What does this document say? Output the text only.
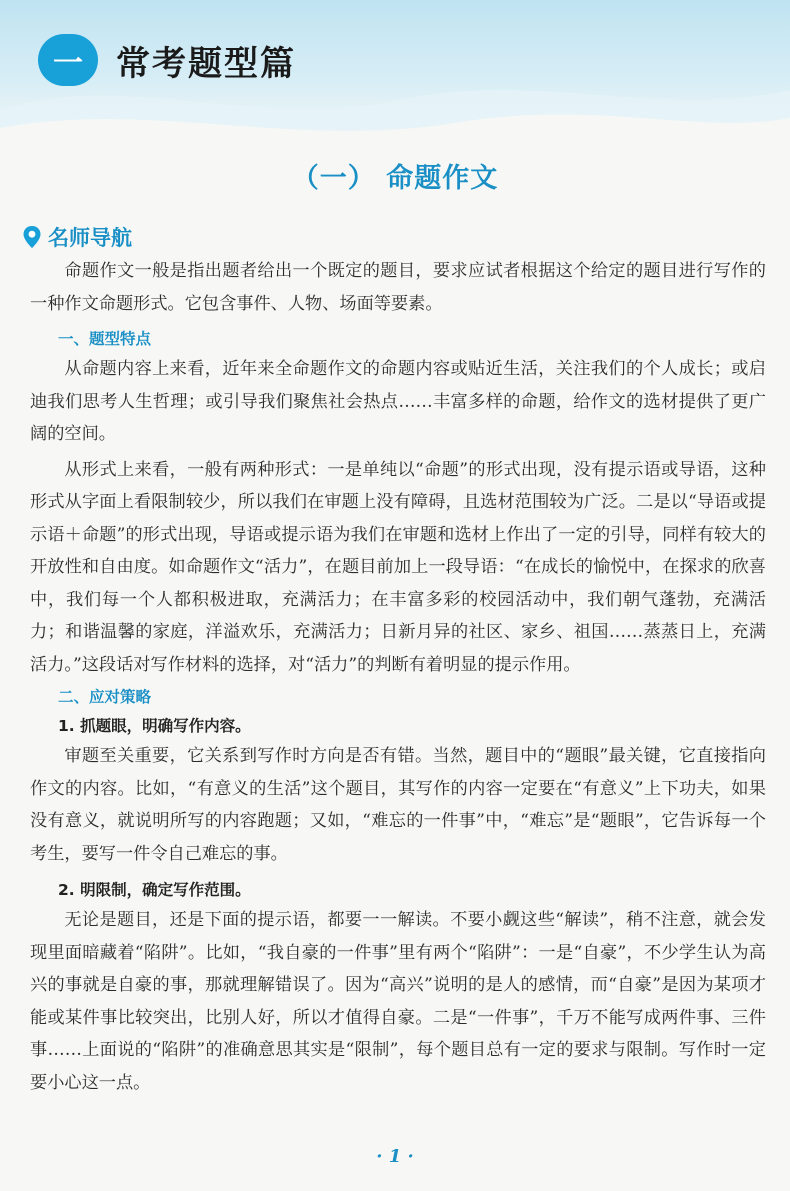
一 常考题型篇
（一） 命题作文
名师导航

命题作文一般是指出题者给出一个既定的题目，要求应试者根据这个给定的题目进行写作的一种作文命题形式。它包含事件、人物、场面等要素。

一、题型特点

从命题内容上来看，近年来全命题作文的命题内容或贴近生活，关注我们的个人成长；或启迪我们思考人生哲理；或引导我们聚焦社会热点……丰富多样的命题，给作文的选材提供了更广阔的空间。

从形式上来看，一般有两种形式：一是单纯以“命题”的形式出现，没有提示语或导语，这种形式从字面上看限制较少，所以我们在审题上没有障碍，且选材范围较为广泛。二是以“导语或提示语＋命题”的形式出现，导语或提示语为我们在审题和选材上作出了一定的引导，同样有较大的开放性和自由度。如命题作文“活力”，在题目前加上一段导语：“在成长的愉悦中，在探求的欣喜中，我们每一个人都积极进取，充满活力；在丰富多彩的校园活动中，我们朝气蓬勃，充满活力；和谐温馨的家庭，洋溢欢乐，充满活力；日新月异的社区、家乡、祖国……蒸蒸日上，充满活力。”这段话对写作材料的选择，对“活力”的判断有着明显的提示作用。

二、应对策略
1. 抓题眼，明确写作内容。

审题至关重要，它关系到写作时方向是否有错。当然，题目中的“题眼”最关键，它直接指向作文的内容。比如，“有意义的生活”这个题目，其写作的内容一定要在“有意义”上下功夫，如果没有意义，就说明所写的内容跑题；又如，“难忘的一件事”中，“难忘”是“题眼”，它告诉每一个考生，要写一件令自己难忘的事。

2. 明限制，确定写作范围。

无论是题目，还是下面的提示语，都要一一解读。不要小觑这些“解读”，稍不注意，就会发现里面暗藏着“陷阱”。比如，“我自豪的一件事”里有两个“陷阱”：一是“自豪”，不少学生认为高兴的事就是自豪的事，那就理解错误了。因为“高兴”说明的是人的感情，而“自豪”是因为某项才能或某件事比较突出，比别人好，所以才值得自豪。二是“一件事”，千万不能写成两件事、三件事……上面说的“陷阱”的准确意思其实是“限制”，每个题目总有一定的要求与限制。写作时一定要小心这一点。

· 1 ·
